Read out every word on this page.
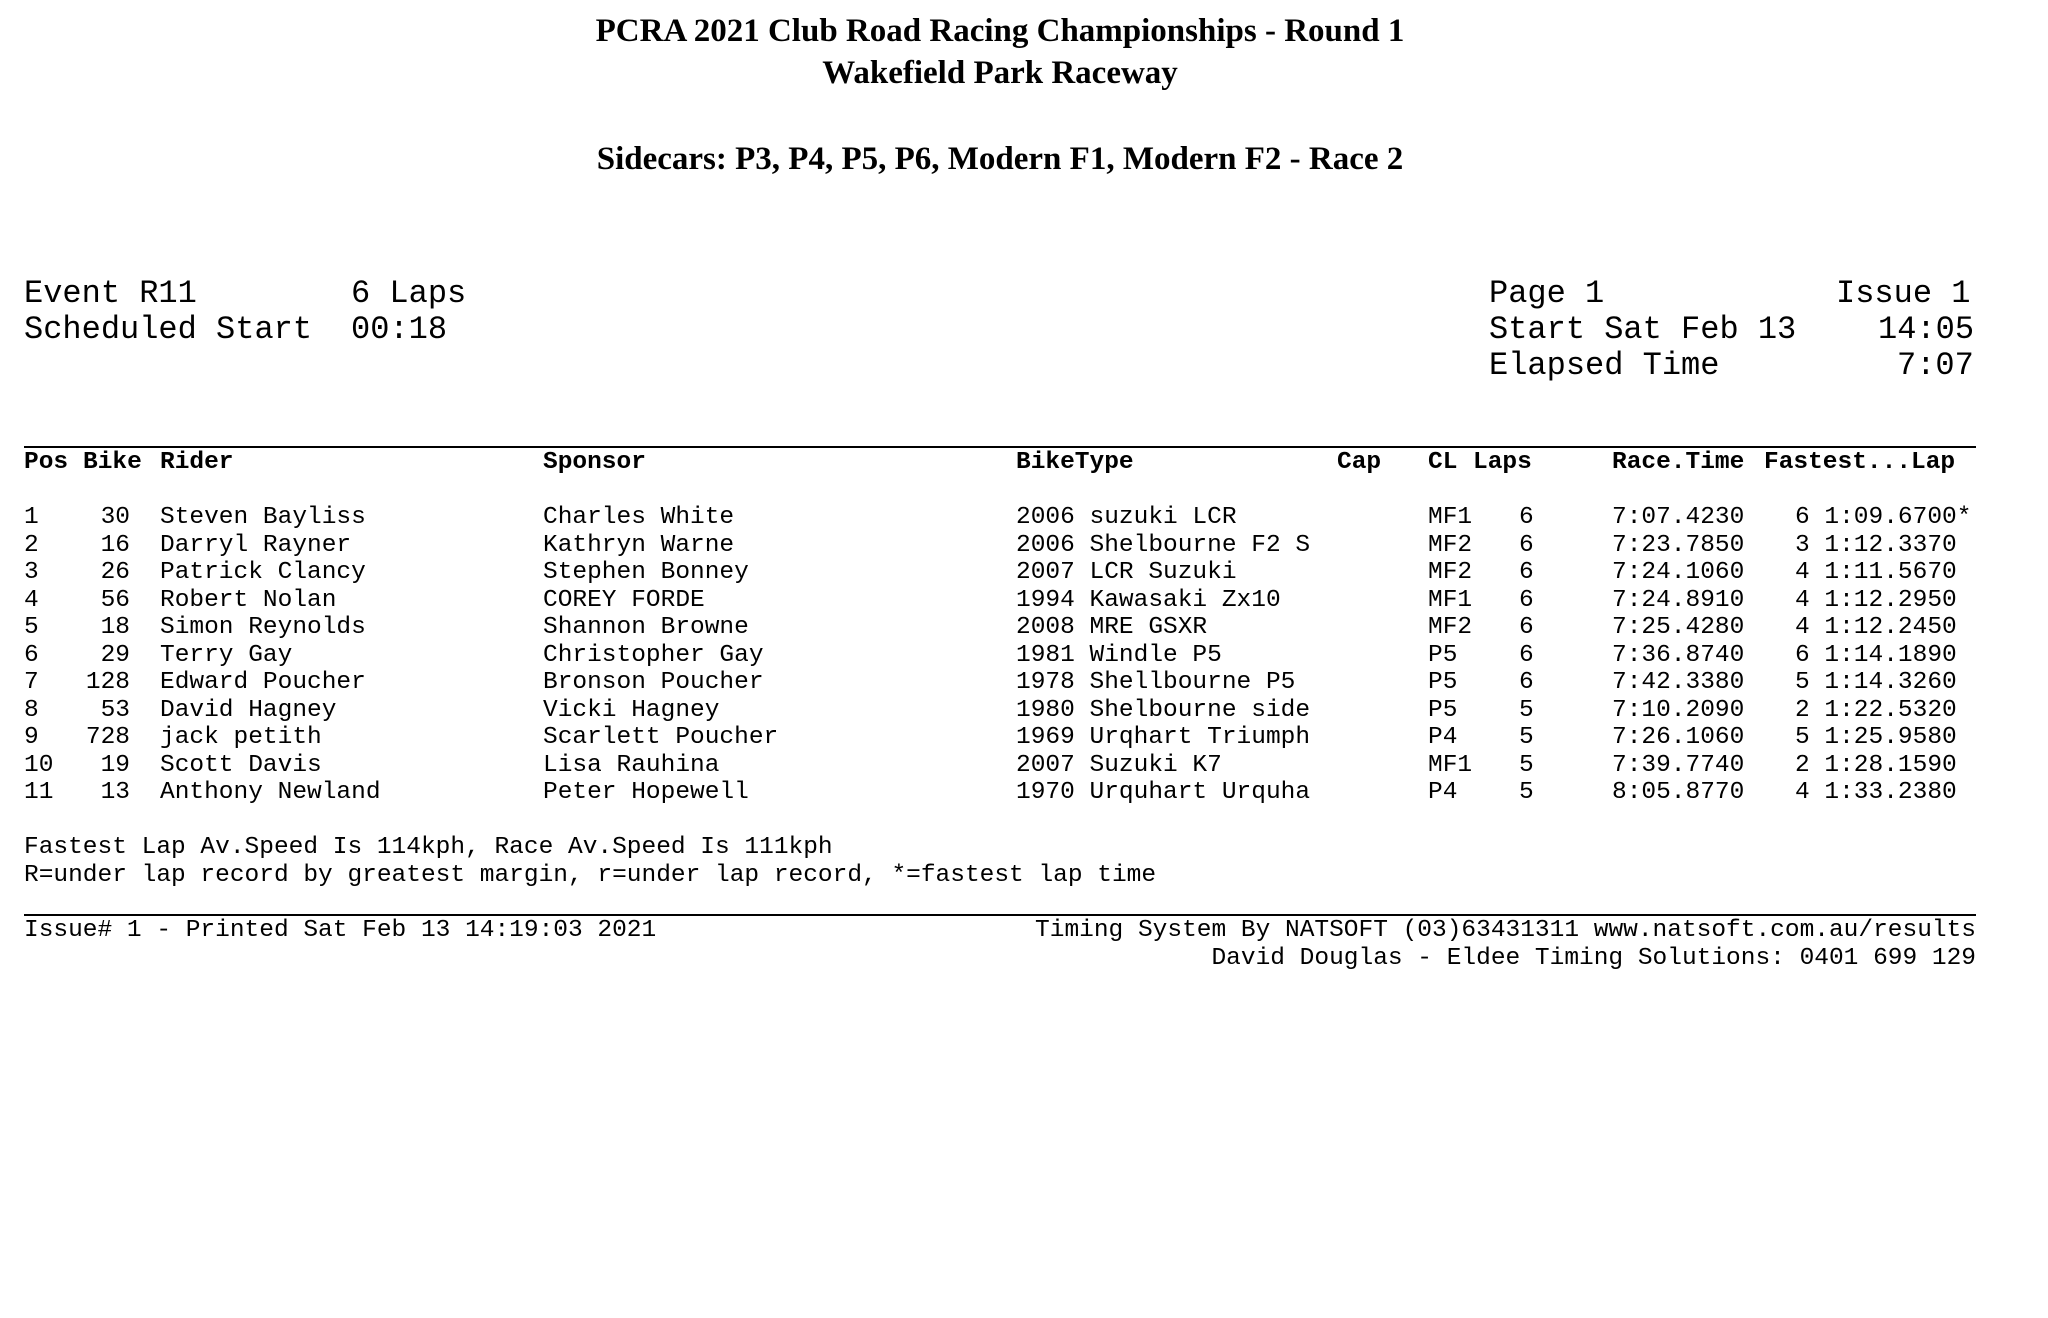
PCRA 2021 Club Road Racing Championships - Round 1
Wakefield Park Raceway
Sidecars: P3, P4, P5, P6, Modern F1, Modern F2 - Race 2
Event R11	6 Laps
Scheduled Start 00:18
Page 1	Issue 1
Start Sat Feb 13	14:05
Elapsed Time	7:07
Pos Bike Rider	Sponsor	BikeType	Cap CL Laps	Race.Time Fastest...Lap
1	30 Steven Bayliss	Charles White	2006 suzuki LCR	MF1 6	7:07.4230 6 1:09.6700*
2	16 Darryl Rayner	Kathryn Warne	2006 Shelbourne F2 S	MF2 6	7:23.7850 3 1:12.3370
3	26 Patrick Clancy	Stephen Bonney	2007 LCR Suzuki	MF2 6	7:24.1060 4 1:11.5670
4	56 Robert Nolan	COREY FORDE	1994 Kawasaki Zx10	MF1 6	7:24.8910 4 1:12.2950
5	18 Simon Reynolds	Shannon Browne	2008 MRE GSXR	MF2 6	7:25.4280 4 1:12.2450
6	29 Terry Gay	Christopher Gay	1981 Windle P5	P5	6	7:36.8740 6 1:14.1890
7 128 Edward Poucher	Bronson Poucher	1978 Shellbourne P5	P5	6	7:42.3380 5 1:14.3260
8	53 David Hagney	Vicki Hagney	1980 Shelbourne side	P5	5	7:10.2090 2 1:22.5320
9 728 jack petith	Scarlett Poucher	1969 Urqhart Triumph	P4	5	7:26.1060 5 1:25.9580
10	19 Scott Davis	Lisa Rauhina	2007 Suzuki K7	MF1 5	7:39.7740 2 1:28.1590
11	13 Anthony Newland	Peter Hopewell	1970 Urquhart Urquha	P4	5	8:05.8770 4 1:33.2380
Fastest Lap Av.Speed Is 114kph, Race Av.Speed Is 111kph
R=under lap record by greatest margin, r=under lap record, *=fastest lap time
Issue# 1 - Printed Sat Feb 13 14:19:03 2021	Timing System By NATSOFT (03)63431311 www.natsoft.com.au/results
David Douglas - Eldee Timing Solutions: 0401 699 129
